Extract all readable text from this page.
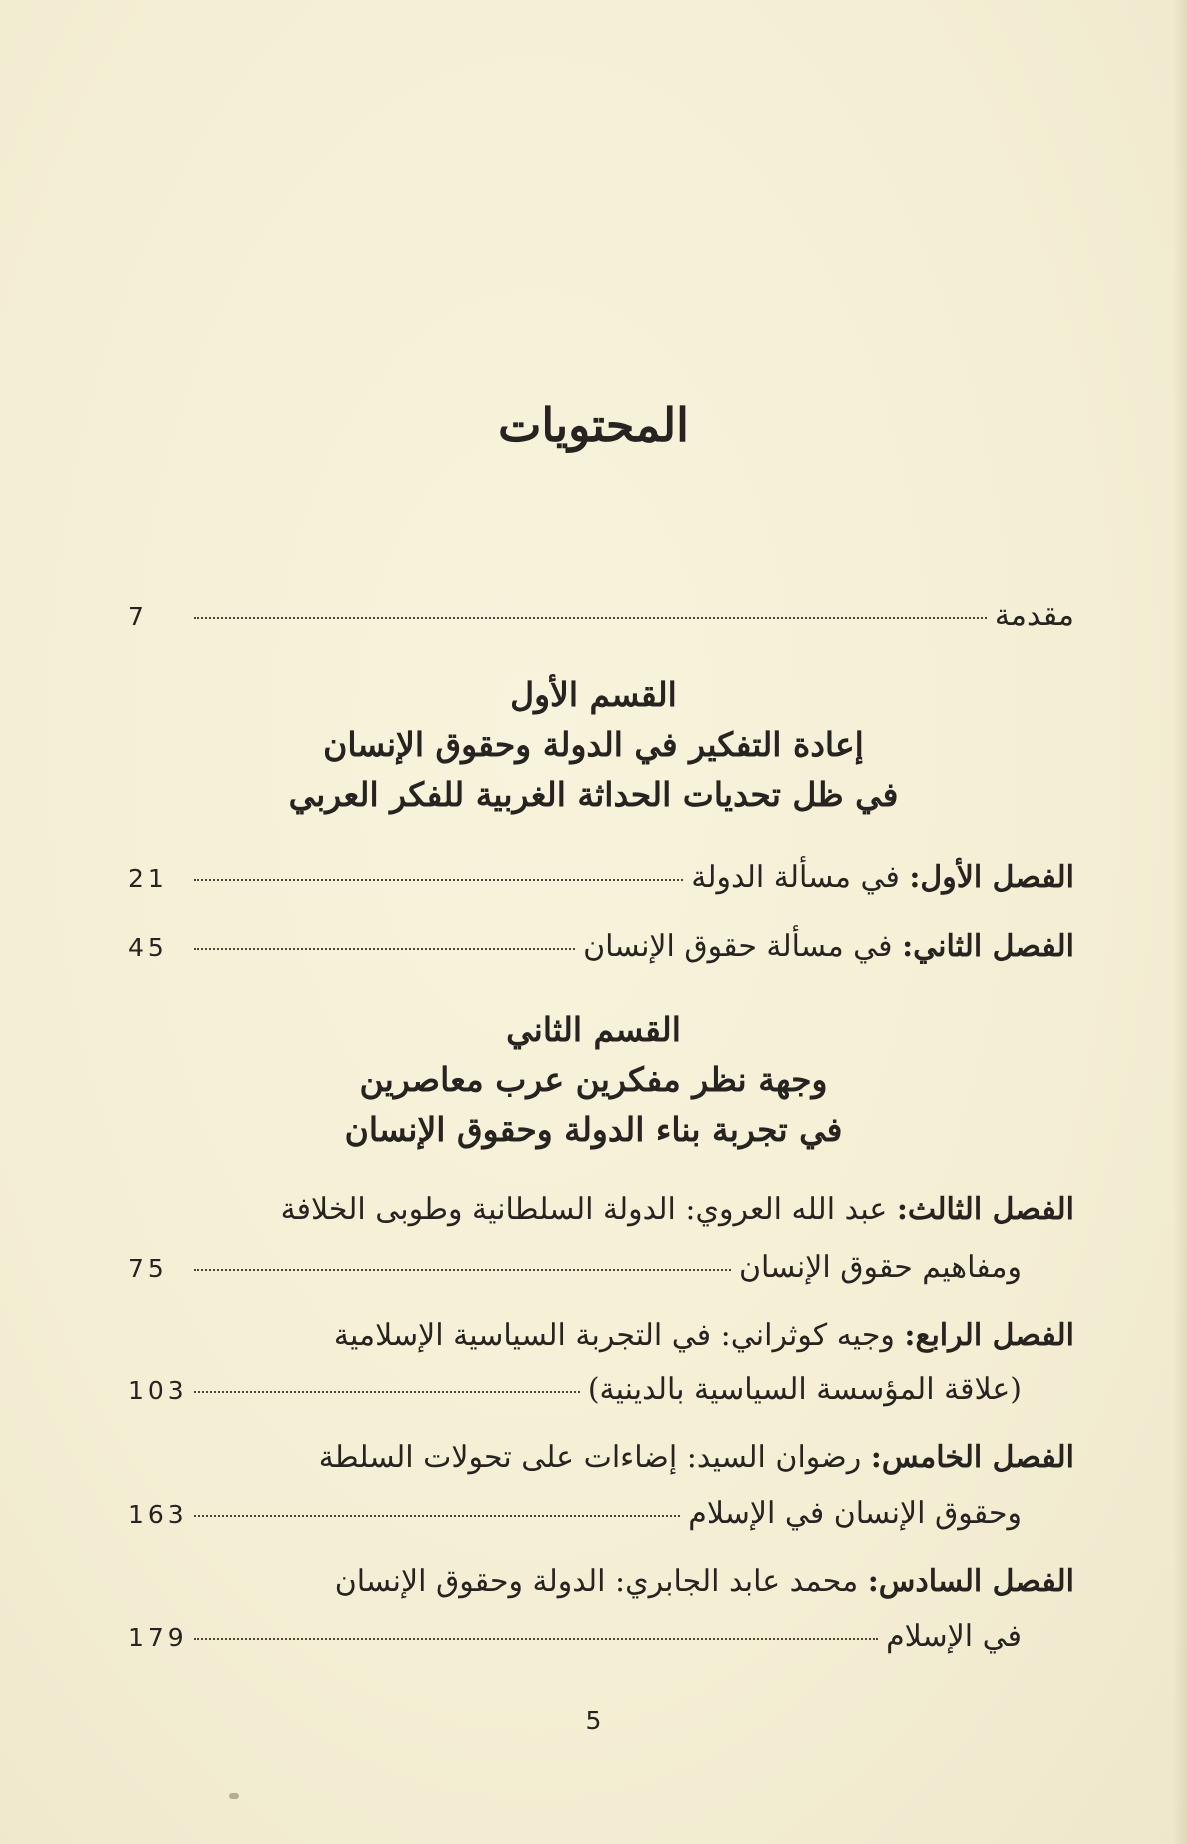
المحتويات
مقدمة
7
القسم الأول
إعادة التفكير في الدولة وحقوق الإنسان
في ظل تحديات الحداثة الغربية للفكر العربي
الفصل الأول: في مسألة الدولة
21
الفصل الثاني: في مسألة حقوق الإنسان
45
القسم الثاني
وجهة نظر مفكرين عرب معاصرين
في تجربة بناء الدولة وحقوق الإنسان
الفصل الثالث: عبد الله العروي: الدولة السلطانية وطوبى الخلافة
ومفاهيم حقوق الإنسان
75
الفصل الرابع: وجيه كوثراني: في التجربة السياسية الإسلامية
(علاقة المؤسسة السياسية بالدينية)
103
الفصل الخامس: رضوان السيد: إضاءات على تحولات السلطة
وحقوق الإنسان في الإسلام
163
الفصل السادس: محمد عابد الجابري: الدولة وحقوق الإنسان
في الإسلام
179
5
